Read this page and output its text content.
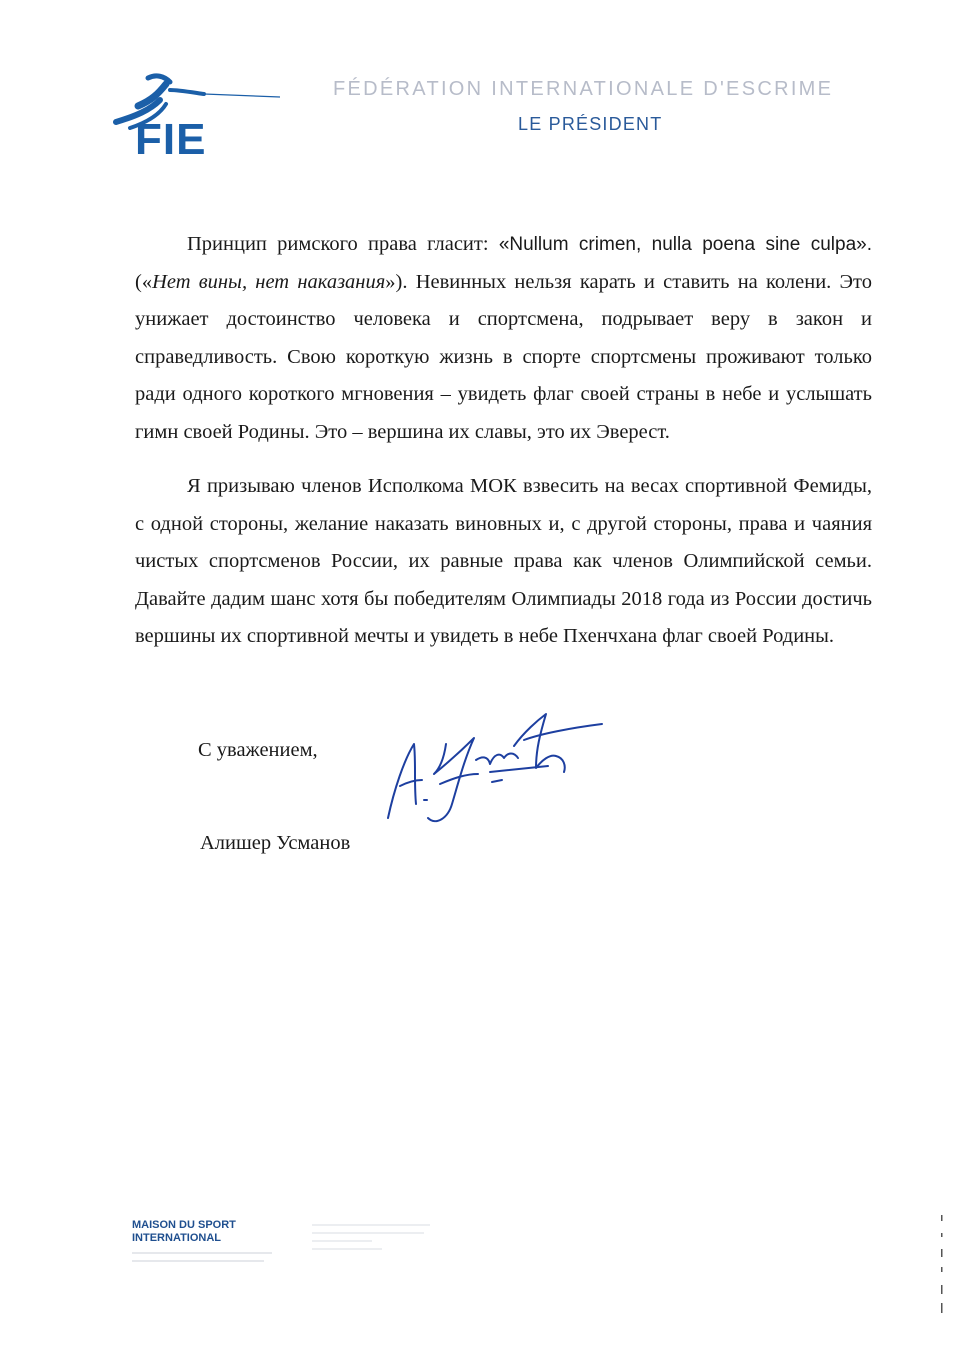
FIE
FÉDÉRATION INTERNATIONALE D'ESCRIME
LE PRÉSIDENT

Принцип римского права гласит: «Nullum crimen, nulla poena sine culpa». («Нет вины, нет наказания»). Невинных нельзя карать и ставить на колени. Это унижает достоинство человека и спортсмена, подрывает веру в закон и справедливость. Свою короткую жизнь в спорте спортсмены проживают только ради одного короткого мгновения – увидеть флаг своей страны в небе и услышать гимн своей Родины. Это – вершина их славы, это их Эверест.

Я призываю членов Исполкома МОК взвесить на весах спортивной Фемиды, с одной стороны, желание наказать виновных и, с другой стороны, права и чаяния чистых спортсменов России, их равные права как членов Олимпийской семьи. Давайте дадим шанс хотя бы победителям Олимпиады 2018 года из России достичь вершины их спортивной мечты и увидеть в небе Пхенчхана флаг своей Родины.

С уважением,
Алишер Усманов
MAISON DU SPORT
INTERNATIONAL
